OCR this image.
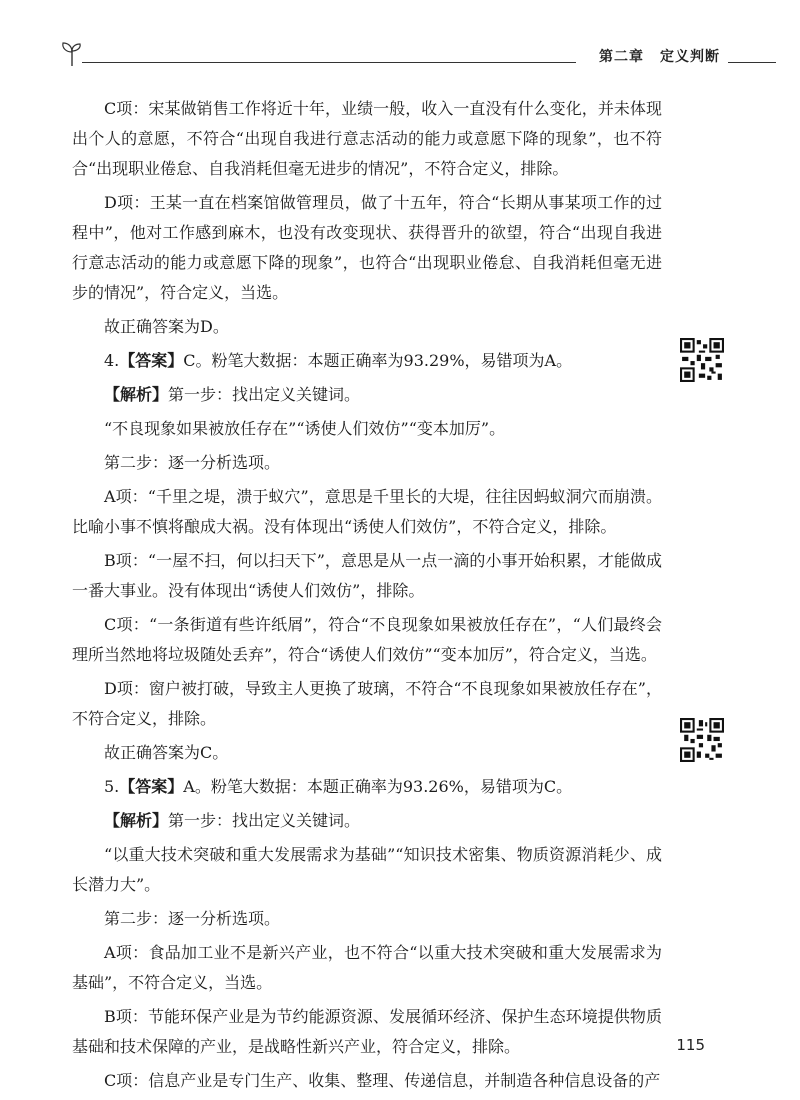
第二章 定义判断

C项：宋某做销售工作将近十年，业绩一般，收入一直没有什么变化，并未体现出个人的意愿，不符合“出现自我进行意志活动的能力或意愿下降的现象”，也不符合“出现职业倦怠、自我消耗但毫无进步的情况”，不符合定义，排除。

D项：王某一直在档案馆做管理员，做了十五年，符合“长期从事某项工作的过程中”，他对工作感到麻木，也没有改变现状、获得晋升的欲望，符合“出现自我进行意志活动的能力或意愿下降的现象”，也符合“出现职业倦怠、自我消耗但毫无进步的情况”，符合定义，当选。

故正确答案为D。

4.【答案】C。粉笔大数据：本题正确率为93.29%，易错项为A。

【解析】第一步：找出定义关键词。

“不良现象如果被放任存在”“诱使人们效仿”“变本加厉”。

第二步：逐一分析选项。

A项：“千里之堤，溃于蚁穴”，意思是千里长的大堤，往往因蚂蚁洞穴而崩溃。比喻小事不慎将酿成大祸。没有体现出“诱使人们效仿”，不符合定义，排除。

B项：“一屋不扫，何以扫天下”，意思是从一点一滴的小事开始积累，才能做成一番大事业。没有体现出“诱使人们效仿”，排除。

C项：“一条街道有些许纸屑”，符合“不良现象如果被放任存在”，“人们最终会理所当然地将垃圾随处丢弃”，符合“诱使人们效仿”“变本加厉”，符合定义，当选。

D项：窗户被打破，导致主人更换了玻璃，不符合“不良现象如果被放任存在”，不符合定义，排除。

故正确答案为C。

5.【答案】A。粉笔大数据：本题正确率为93.26%，易错项为C。

【解析】第一步：找出定义关键词。

“以重大技术突破和重大发展需求为基础”“知识技术密集、物质资源消耗少、成长潜力大”。

第二步：逐一分析选项。

A项：食品加工业不是新兴产业，也不符合“以重大技术突破和重大发展需求为基础”，不符合定义，当选。

B项：节能环保产业是为节约能源资源、发展循环经济、保护生态环境提供物质基础和技术保障的产业，是战略性新兴产业，符合定义，排除。

C项：信息产业是专门生产、收集、整理、传递信息，并制造各种信息设备的产

115
